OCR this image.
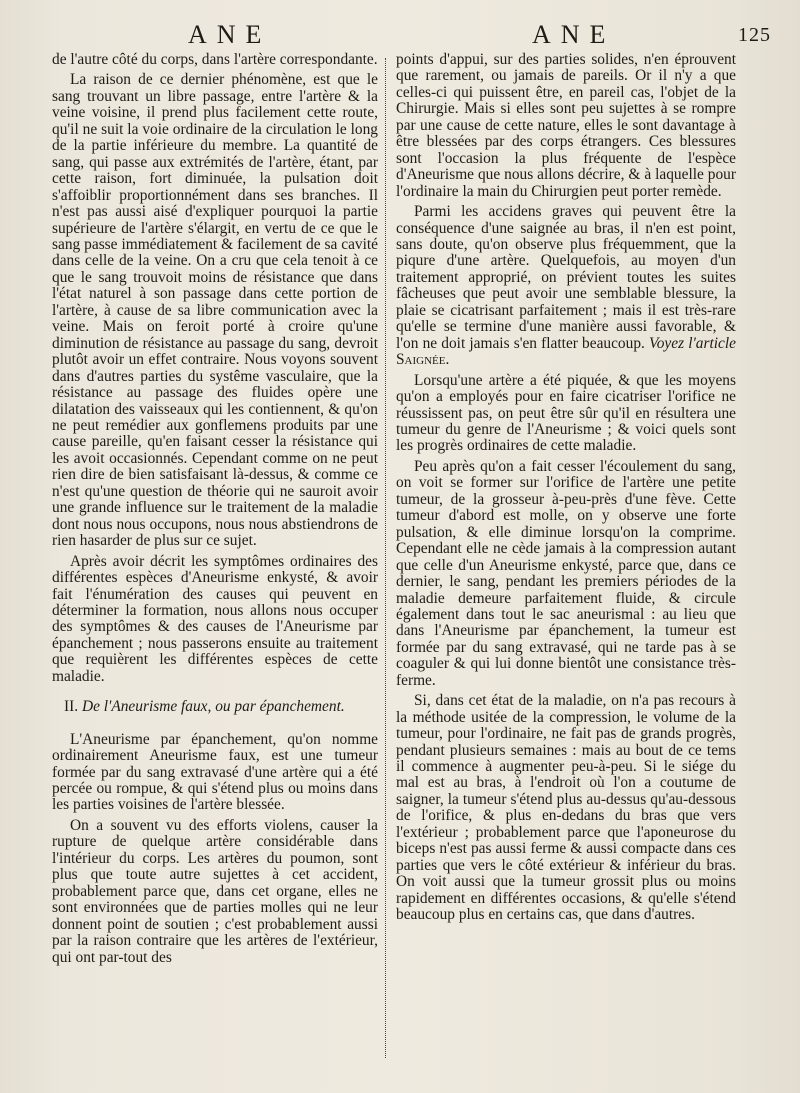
ANE	ANE	125

de l'autre côté du corps, dans l'artère correspondante.

La raison de ce dernier phénomène, est que le sang trouvant un libre passage, entre l'artère & la veine voisine, il prend plus facilement cette route, qu'il ne suit la voie ordinaire de la circulation le long de la partie inférieure du membre. La quantité de sang, qui passe aux extrémités de l'artère, étant, par cette raison, fort diminuée, la pulsation doit s'affoiblir proportionnément dans ses branches. Il n'est pas aussi aisé d'expliquer pourquoi la partie supérieure de l'artère s'élargit, en vertu de ce que le sang passe immédiatement & facilement de sa cavité dans celle de la veine. On a cru que cela tenoit à ce que le sang trouvoit moins de résistance que dans l'état naturel à son passage dans cette portion de l'artère, à cause de sa libre communication avec la veine. Mais on feroit porté à croire qu'une diminution de résistance au passage du sang, devroit plutôt avoir un effet contraire. Nous voyons souvent dans d'autres parties du systême vasculaire, que la résistance au passage des fluides opère une dilatation des vaisseaux qui les contiennent, & qu'on ne peut remédier aux gonflemens produits par une cause pareille, qu'en faisant cesser la résistance qui les avoit occasionnés. Cependant comme on ne peut rien dire de bien satisfaisant là-dessus, & comme ce n'est qu'une question de théorie qui ne sauroit avoir une grande influence sur le traitement de la maladie dont nous nous occupons, nous nous abstiendrons de rien hasarder de plus sur ce sujet.

Après avoir décrit les symptômes ordinaires des différentes espèces d'Aneurisme enkysté, & avoir fait l'énumération des causes qui peuvent en déterminer la formation, nous allons nous occuper des symptômes & des causes de l'Aneurisme par épanchement ; nous passerons ensuite au traitement que requièrent les différentes espèces de cette maladie.

II. De l'Aneurisme faux, ou par épanchement.

L'Aneurisme par épanchement, qu'on nomme ordinairement Aneurisme faux, est une tumeur formée par du sang extravasé d'une artère qui a été percée ou rompue, & qui s'étend plus ou moins dans les parties voisines de l'artère blessée.

On a souvent vu des efforts violens, causer la rupture de quelque artère considérable dans l'intérieur du corps. Les artères du poumon, sont plus que toute autre sujettes à cet accident, probablement parce que, dans cet organe, elles ne sont environnées que de parties molles qui ne leur donnent point de soutien ; c'est probablement aussi par la raison contraire que les artères de l'extérieur, qui ont par-tout des

points d'appui, sur des parties solides, n'en éprouvent que rarement, ou jamais de pareils. Or il n'y a que celles-ci qui puissent être, en pareil cas, l'objet de la Chirurgie. Mais si elles sont peu sujettes à se rompre par une cause de cette nature, elles le sont davantage à être blessées par des corps étrangers. Ces blessures sont l'occasion la plus fréquente de l'espèce d'Aneurisme que nous allons décrire, & à laquelle pour l'ordinaire la main du Chirurgien peut porter remède.

Parmi les accidens graves qui peuvent être la conséquence d'une saignée au bras, il n'en est point, sans doute, qu'on observe plus fréquemment, que la piqure d'une artère. Quelquefois, au moyen d'un traitement approprié, on prévient toutes les suites fâcheuses que peut avoir une semblable blessure, la plaie se cicatrisant parfaitement ; mais il est très-rare qu'elle se termine d'une manière aussi favorable, & l'on ne doit jamais s'en flatter beaucoup. Voyez l'article Saignée.

Lorsqu'une artère a été piquée, & que les moyens qu'on a employés pour en faire cicatriser l'orifice ne réussissent pas, on peut être sûr qu'il en résultera une tumeur du genre de l'Aneurisme ; & voici quels sont les progrès ordinaires de cette maladie.

Peu après qu'on a fait cesser l'écoulement du sang, on voit se former sur l'orifice de l'artère une petite tumeur, de la grosseur à-peu-près d'une fève. Cette tumeur d'abord est molle, on y observe une forte pulsation, & elle diminue lorsqu'on la comprime. Cependant elle ne cède jamais à la compression autant que celle d'un Aneurisme enkysté, parce que, dans ce dernier, le sang, pendant les premiers périodes de la maladie demeure parfaitement fluide, & circule également dans tout le sac aneurismal : au lieu que dans l'Aneurisme par épanchement, la tumeur est formée par du sang extravasé, qui ne tarde pas à se coaguler & qui lui donne bientôt une consistance très-ferme.

Si, dans cet état de la maladie, on n'a pas recours à la méthode usitée de la compression, le volume de la tumeur, pour l'ordinaire, ne fait pas de grands progrès, pendant plusieurs semaines : mais au bout de ce tems il commence à augmenter peu-à-peu. Si le siége du mal est au bras, à l'endroit où l'on a coutume de saigner, la tumeur s'étend plus au-dessus qu'au-dessous de l'orifice, & plus en-dedans du bras que vers l'extérieur ; probablement parce que l'aponeurose du biceps n'est pas aussi ferme & aussi compacte dans ces parties que vers le côté extérieur & inférieur du bras. On voit aussi que la tumeur grossit plus ou moins rapidement en différentes occasions, & qu'elle s'étend beaucoup plus en certains cas, que dans d'autres.
